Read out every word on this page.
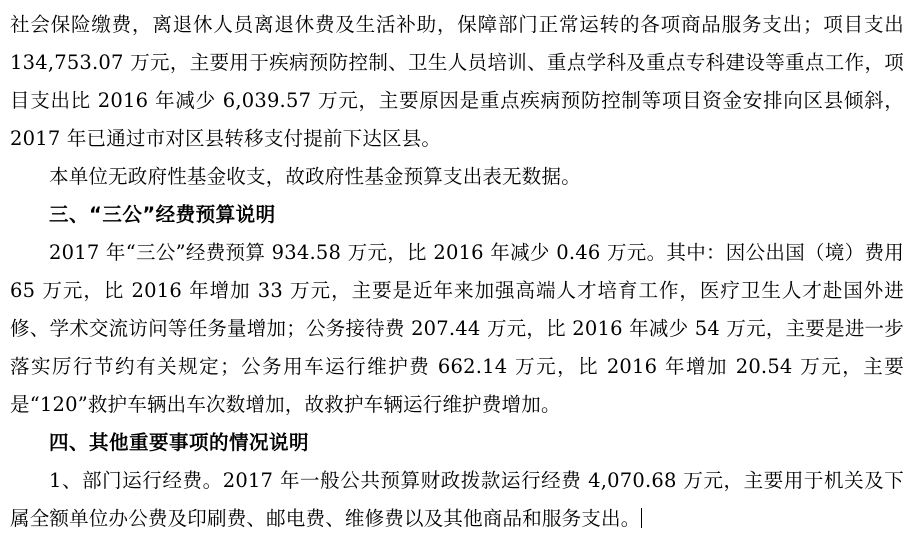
社会保险缴费，离退休人员离退休费及生活补助，保障部门正常运转的各项商品服务支出；项目支出 134,753.07 万元，主要用于疾病预防控制、卫生人员培训、重点学科及重点专科建设等重点工作，项目支出比 2016 年减少 6,039.57 万元，主要原因是重点疾病预防控制等项目资金安排向区县倾斜，2017 年已通过市对区县转移支付提前下达区县。

本单位无政府性基金收支，故政府性基金预算支出表无数据。

三、“三公”经费预算说明

2017 年“三公”经费预算 934.58 万元，比 2016 年减少 0.46 万元。其中：因公出国（境）费用 65 万元，比 2016 年增加 33 万元，主要是近年来加强高端人才培育工作，医疗卫生人才赴国外进修、学术交流访问等任务量增加；公务接待费 207.44 万元，比 2016 年减少 54 万元，主要是进一步落实厉行节约有关规定；公务用车运行维护费 662.14 万元，比 2016 年增加 20.54 万元，主要是“120”救护车辆出车次数增加，故救护车辆运行维护费增加。

四、其他重要事项的情况说明

1、部门运行经费。2017 年一般公共预算财政拨款运行经费 4,070.68 万元，主要用于机关及下属全额单位办公费及印刷费、邮电费、维修费以及其他商品和服务支出。
